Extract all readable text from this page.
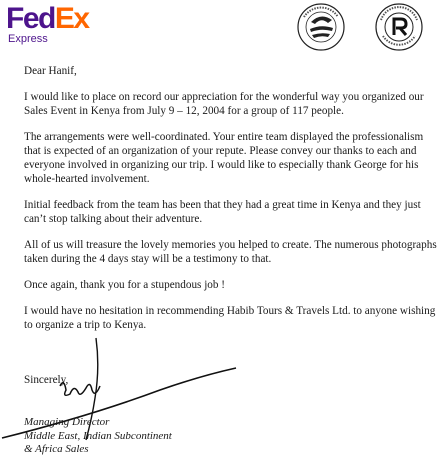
FedEx
Express

Dear Hanif,

I would like to place on record our appreciation for the wonderful way you organized our Sales Event in Kenya from July 9 – 12, 2004 for a group of 117 people.

The arrangements were well-coordinated. Your entire team displayed the professionalism that is expected of an organization of your repute. Please convey our thanks to each and everyone involved in organizing our trip. I would like to especially thank George for his whole-hearted involvement.

Initial feedback from the team has been that they had a great time in Kenya and they just can’t stop talking about their adventure.

All of us will treasure the lovely memories you helped to create. The numerous photographs taken during the 4 days stay will be a testimony to that.

Once again, thank you for a stupendous job !

I would have no hesitation in recommending Habib Tours & Travels Ltd. to anyone wishing to organize a trip to Kenya.

Sincerely,
Managing Director
Middle East, Indian Subcontinent
& Africa Sales
